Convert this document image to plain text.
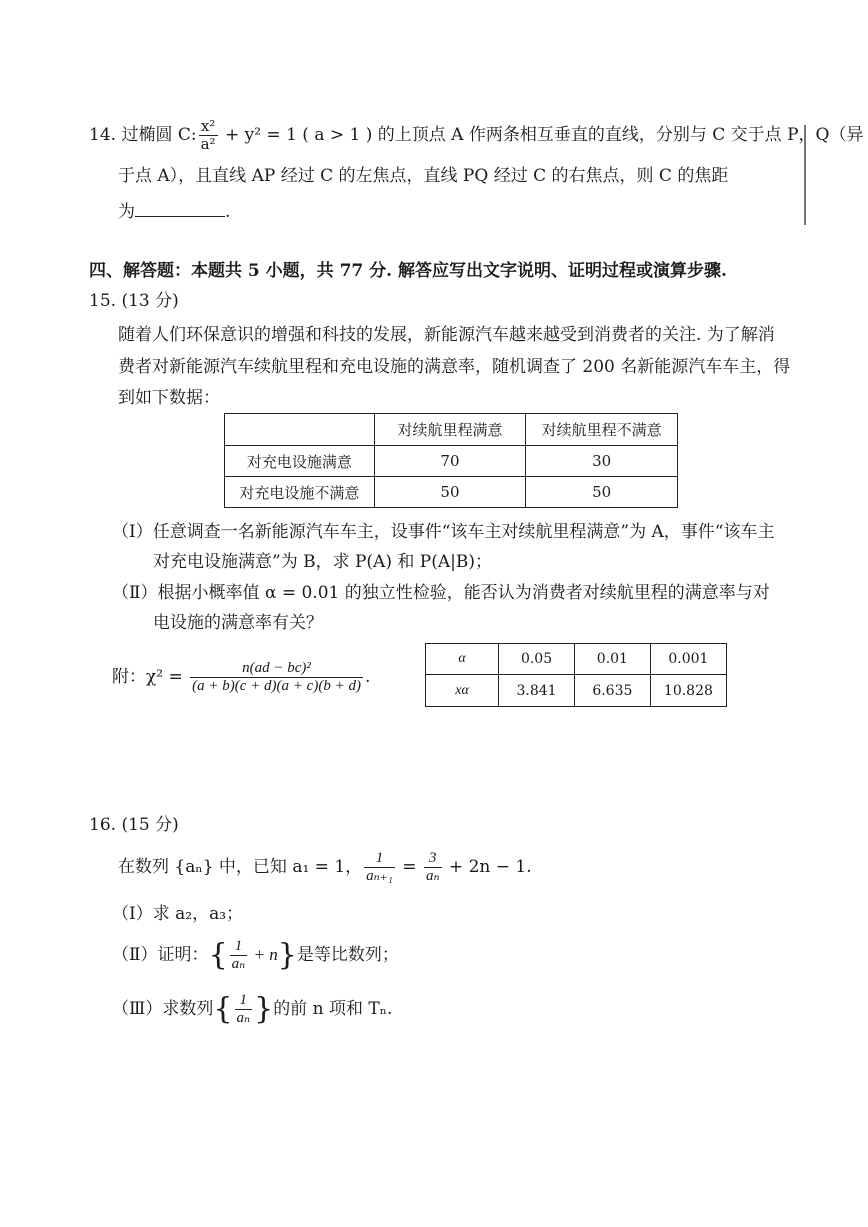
14. 过椭圆 C: $\frac{\text{x²}}{\text{a²}} + y^2 = 1$ ( a > 1 ) 的上顶点 A 作两条相互垂直的直线，分别与 C 交于点 P，Q（异
于点 A），且直线 AP 经过 C 的左焦点，直线 PQ 经过 C 的右焦点，则 C 的焦距
为	.
四、解答题：本题共 5 小题，共 77 分. 解答应写出文字说明、证明过程或演算步骤.
15. (13 分)
随着人们环保意识的增强和科技的发展，新能源汽车越来越受到消费者的关注. 为了解消
费者对新能源汽车续航里程和充电设施的满意率，随机调查了 200 名新能源汽车车主，得
到如下数据：
	对续航里程满意	对续航里程不满意
对充电设施满意	70	30
对充电设施不满意	50	50
（Ⅰ）任意调查一名新能源汽车车主，设事件“该车主对续航里程满意”为 A，事件“该车主
对充电设施满意”为 B，求 P(A) 和 P(A|B)；
（Ⅱ）根据小概率值 α = 0.01 的独立性检验，能否认为消费者对续航里程的满意率与对
电设施的满意率有关？
附：$\chi^2 = \frac{\text{n(ad − bc)²}}{(a + b)(c + d)(a + c)(b + d)}$ .
α	0.05	0.01	0.001
xα	3.841	6.635	10.828
16. (15 分)
在数列 {aₙ} 中，已知 a₁ = 1， $\frac{1}{\text{aₙ₊₁}} = \frac{3}{\text{aₙ}} + 2n - 1$.
（Ⅰ）求 a₂，a₃；
（Ⅱ）证明：{ $\frac{1}{\text{aₙ}} + n$}是等比数列；
（Ⅲ）求数列{ $\frac{1}{\text{aₙ}}$ }的前 n 项和 Tₙ.
